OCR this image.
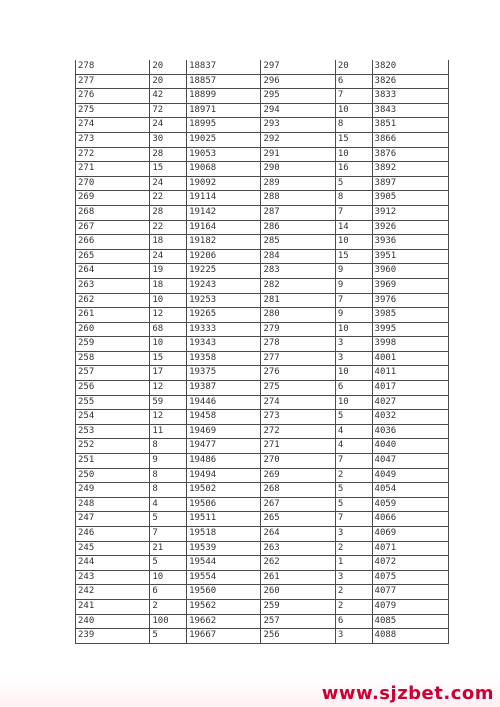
278	20	18837	297	20	3820
277	20	18857	296	6	3826
276	42	18899	295	7	3833
275	72	18971	294	10	3843
274	24	18995	293	8	3851
273	30	19025	292	15	3866
272	28	19053	291	10	3876
271	15	19068	290	16	3892
270	24	19092	289	5	3897
269	22	19114	288	8	3905
268	28	19142	287	7	3912
267	22	19164	286	14	3926
266	18	19182	285	10	3936
265	24	19206	284	15	3951
264	19	19225	283	9	3960
263	18	19243	282	9	3969
262	10	19253	281	7	3976
261	12	19265	280	9	3985
260	68	19333	279	10	3995
259	10	19343	278	3	3998
258	15	19358	277	3	4001
257	17	19375	276	10	4011
256	12	19387	275	6	4017
255	59	19446	274	10	4027
254	12	19458	273	5	4032
253	11	19469	272	4	4036
252	8	19477	271	4	4040
251	9	19486	270	7	4047
250	8	19494	269	2	4049
249	8	19502	268	5	4054
248	4	19506	267	5	4059
247	5	19511	265	7	4066
246	7	19518	264	3	4069
245	21	19539	263	2	4071
244	5	19544	262	1	4072
243	10	19554	261	3	4075
242	6	19560	260	2	4077
241	2	19562	259	2	4079
240	100	19662	257	6	4085
239	5	19667	256	3	4088
www.sjzbet.com
